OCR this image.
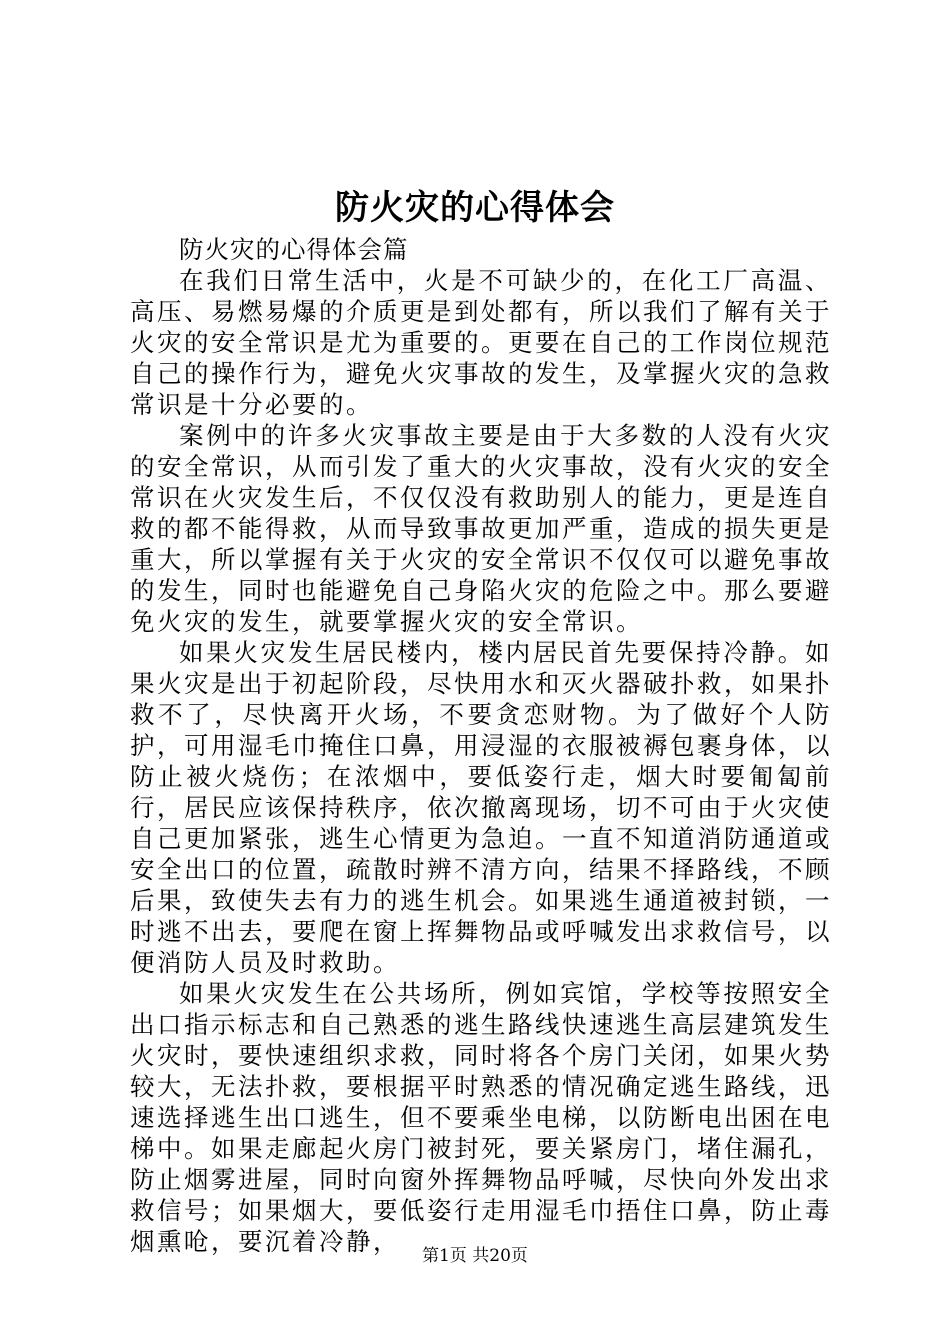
防火灾的心得体会

防火灾的心得体会篇

在我们日常生活中，火是不可缺少的，在化工厂高温、高压、易燃易爆的介质更是到处都有，所以我们了解有关于火灾的安全常识是尤为重要的。更要在自己的工作岗位规范自己的操作行为，避免火灾事故的发生，及掌握火灾的急救常识是十分必要的。

案例中的许多火灾事故主要是由于大多数的人没有火灾的安全常识，从而引发了重大的火灾事故，没有火灾的安全常识在火灾发生后，不仅仅没有救助别人的能力，更是连自救的都不能得救，从而导致事故更加严重，造成的损失更是重大，所以掌握有关于火灾的安全常识不仅仅可以避免事故的发生，同时也能避免自己身陷火灾的危险之中。那么要避免火灾的发生，就要掌握火灾的安全常识。

如果火灾发生居民楼内，楼内居民首先要保持冷静。如果火灾是出于初起阶段，尽快用水和灭火器破扑救，如果扑救不了，尽快离开火场，不要贪恋财物。为了做好个人防护，可用湿毛巾掩住口鼻，用浸湿的衣服被褥包裹身体，以防止被火烧伤；在浓烟中，要低姿行走，烟大时要匍匐前行，居民应该保持秩序，依次撤离现场，切不可由于火灾使自己更加紧张，逃生心情更为急迫。一直不知道消防通道或安全出口的位置，疏散时辨不清方向，结果不择路线，不顾后果，致使失去有力的逃生机会。如果逃生通道被封锁，一时逃不出去，要爬在窗上挥舞物品或呼喊发出求救信号，以便消防人员及时救助。

如果火灾发生在公共场所，例如宾馆，学校等按照安全出口指示标志和自己熟悉的逃生路线快速逃生高层建筑发生火灾时，要快速组织求救，同时将各个房门关闭，如果火势较大，无法扑救，要根据平时熟悉的情况确定逃生路线，迅速选择逃生出口逃生，但不要乘坐电梯，以防断电出困在电梯中。如果走廊起火房门被封死，要关紧房门，堵住漏孔，防止烟雾进屋，同时向窗外挥舞物品呼喊，尽快向外发出求救信号；如果烟大，要低姿行走用湿毛巾捂住口鼻，防止毒烟熏呛，要沉着冷静，	第1页 共20页
